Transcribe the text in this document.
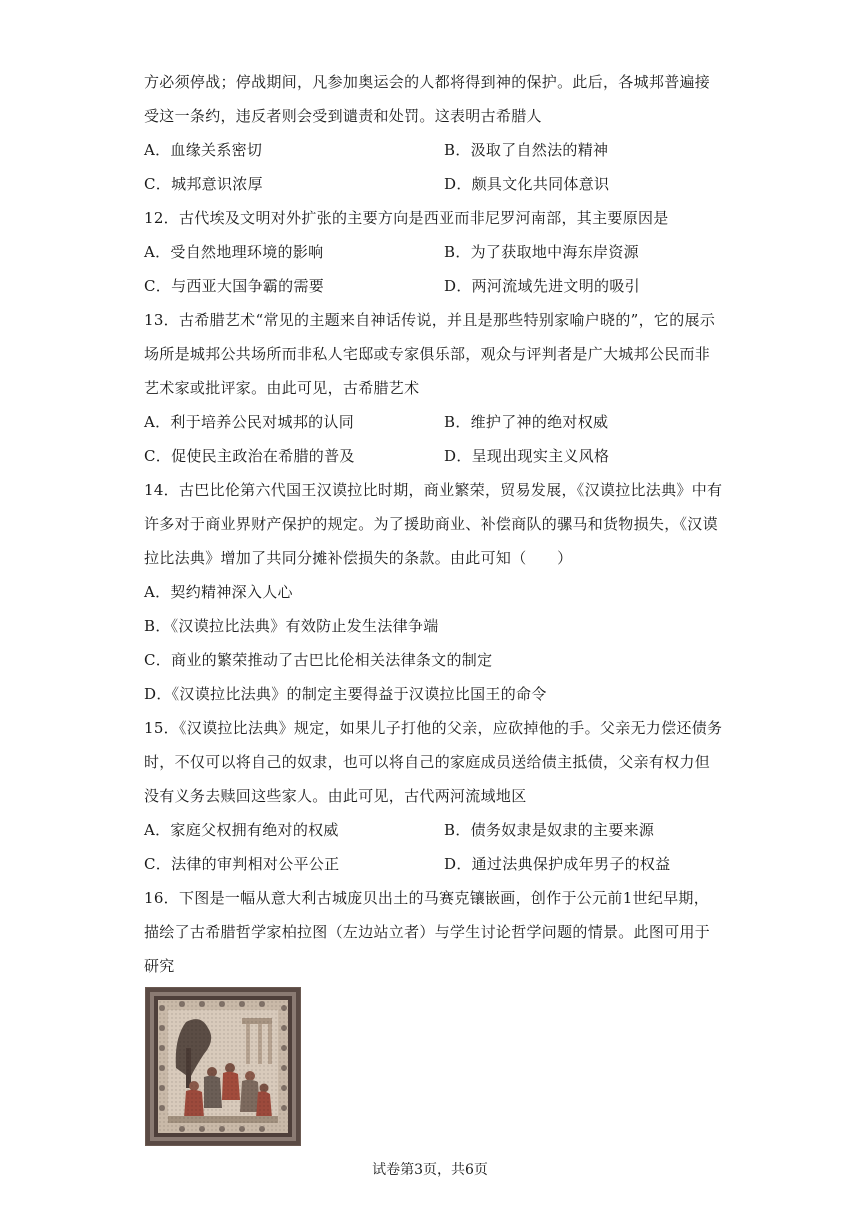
方必须停战；停战期间，凡参加奥运会的人都将得到神的保护。此后，各城邦普遍接
受这一条约，违反者则会受到谴责和处罚。这表明古希腊人
A．血缘关系密切	B．汲取了自然法的精神
C．城邦意识浓厚	D．颇具文化共同体意识
12．古代埃及文明对外扩张的主要方向是西亚而非尼罗河南部，其主要原因是
A．受自然地理环境的影响	B．为了获取地中海东岸资源
C．与西亚大国争霸的需要	D．两河流域先进文明的吸引
13．古希腊艺术“常见的主题来自神话传说，并且是那些特别家喻户晓的”，它的展示
场所是城邦公共场所而非私人宅邸或专家俱乐部，观众与评判者是广大城邦公民而非
艺术家或批评家。由此可见，古希腊艺术
A．利于培养公民对城邦的认同	B．维护了神的绝对权威
C．促使民主政治在希腊的普及	D．呈现出现实主义风格
14．古巴比伦第六代国王汉谟拉比时期，商业繁荣，贸易发展，《汉谟拉比法典》中有
许多对于商业界财产保护的规定。为了援助商业、补偿商队的骡马和货物损失，《汉谟
拉比法典》增加了共同分摊补偿损失的条款。由此可知（　　）
A．契约精神深入人心
B．《汉谟拉比法典》有效防止发生法律争端
C．商业的繁荣推动了古巴比伦相关法律条文的制定
D．《汉谟拉比法典》的制定主要得益于汉谟拉比国王的命令
15．《汉谟拉比法典》规定，如果儿子打他的父亲，应砍掉他的手。父亲无力偿还债务
时，不仅可以将自己的奴隶，也可以将自己的家庭成员送给债主抵债，父亲有权力但
没有义务去赎回这些家人。由此可见，古代两河流域地区
A．家庭父权拥有绝对的权威	B．债务奴隶是奴隶的主要来源
C．法律的审判相对公平公正	D．通过法典保护成年男子的权益
16．下图是一幅从意大利古城庞贝出土的马赛克镶嵌画，创作于公元前1世纪早期，
描绘了古希腊哲学家柏拉图（左边站立者）与学生讨论哲学问题的情景。此图可用于
研究
试卷第3页，共6页
